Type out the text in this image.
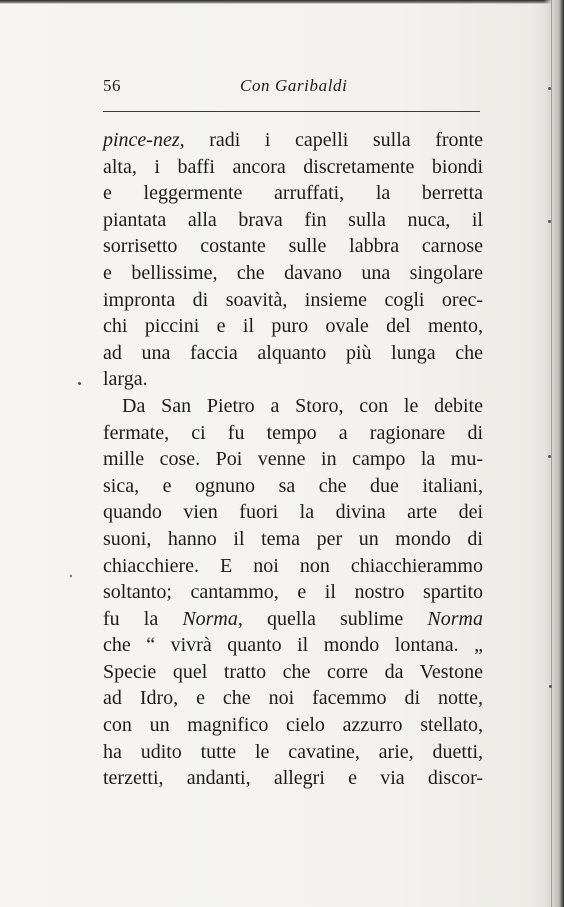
56	Con Garibaldi
pince-nez, radi i capelli sulla fronte
alta, i baffi ancora discretamente biondi
e leggermente arruffati, la berretta
piantata alla brava fin sulla nuca, il
sorrisetto costante sulle labbra carnose
e bellissime, che davano una singolare
impronta di soavità, insieme cogli orec-
chi piccini e il puro ovale del mento,
ad una faccia alquanto più lunga che
larga.
Da San Pietro a Storo, con le debite
fermate, ci fu tempo a ragionare di
mille cose. Poi venne in campo la mu-
sica, e ognuno sa che due italiani,
quando vien fuori la divina arte dei
suoni, hanno il tema per un mondo di
chiacchiere. E noi non chiacchierammo
soltanto; cantammo, e il nostro spartito
fu la Norma, quella sublime Norma
che “ vivrà quanto il mondo lontana. „
Specie quel tratto che corre da Vestone
ad Idro, e che noi facemmo di notte,
con un magnifico cielo azzurro stellato,
ha udito tutte le cavatine, arie, duetti,
terzetti, andanti, allegri e via discor-
